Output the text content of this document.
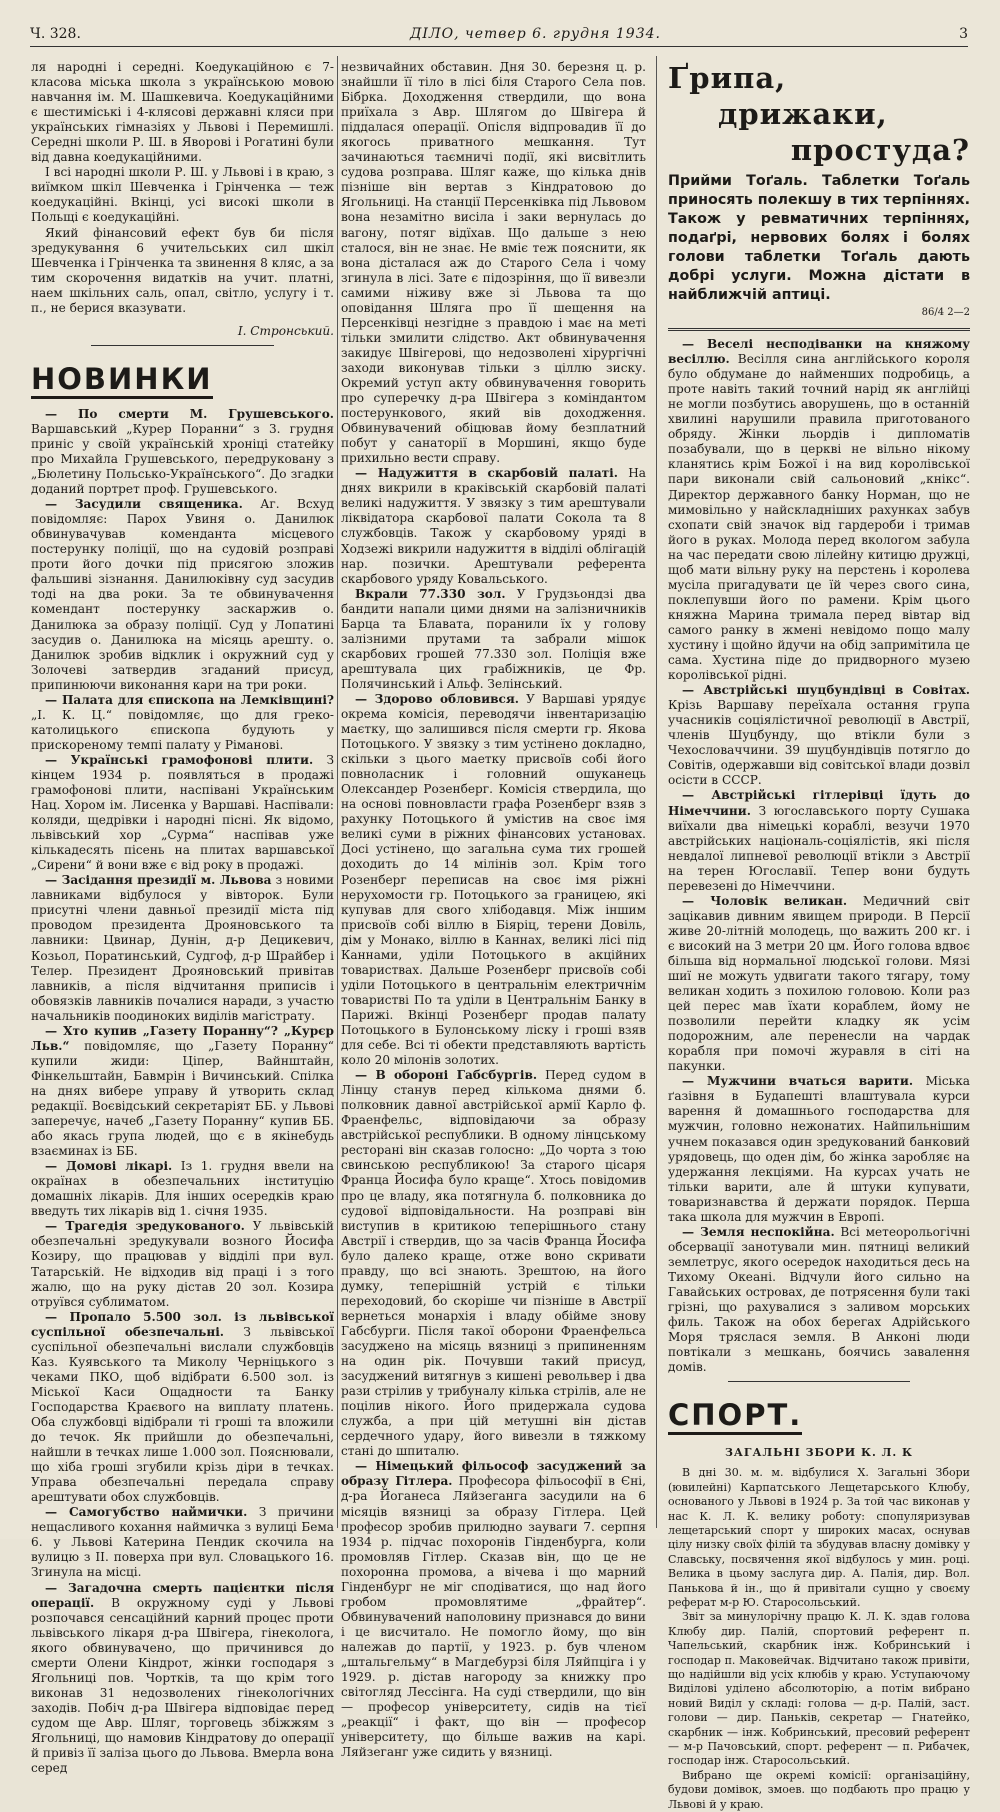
Ч. 328.	ДІЛО, четвер 6. грудня 1934.	3

ля народні і середні. Коедукаційною є 7-класова міська школа з українською мовою навчання ім. М. Шашкевича. Коедукаційними є шестиміські і 4-клясові державні кляси при українських гімназіях у Львові і Перемишлі. Середні школи Р. Ш. в Яворові і Рогатині були від давна коедукаційними.

І всі народні школи Р. Ш. у Львові і в краю, з виїмком шкіл Шевченка і Грінченка — теж коедукаційні. Вкінці, усі високі школи в Польщі є коедукаційні.

Який фінансовий ефект був би після зредукування 6 учительських сил шкіл Шевченка і Грінченка та звинення 8 кляс, а за тим скорочення видатків на учит. платні, наем шкільних саль, опал, світло, услугу і т. п., не берися вказувати.

І. Стронський.
НОВИНКИ

— По смерти М. Грушевського. Варшавський „Курер Поранни“ з 3. грудня приніс у своїй українській хроніці статейку про Михайла Грушевського, передруковану з „Бюлетину Польсько-Українського“. До згадки доданий портрет проф. Грушевського.

— Засудили священика. Аг. Всхуд повідомляє: Парох Увиня о. Данилюк обвинувачував коменданта місцевого постерунку поліції, що на судовій розправі проти його дочки під присягою зложив фальшиві зізнання. Данилюківну суд засудив тоді на два роки. За те обвинувачення комендант постерунку заскаржив о. Данилюка за образу поліції. Суд у Лопатині засудив о. Данилюка на місяць арешту. о. Данилюк зробив відклик і окружний суд у Золочеві затвердив згаданий присуд, припинюючи виконання кари на три роки.

— Палата для єпископа на Лемківщині? „І. К. Ц.“ повідомляє, що для греко-католицького єпископа будують у прискореному темпі палату у Ріманові.

— Українські грамофонові плити. З кінцем 1934 р. появляться в продажі грамофонові плити, наспівані Українським Нац. Хором ім. Лисенка у Варшаві. Наспівали: коляди, щедрівки і народні пісні. Як відомо, львівський хор „Сурма“ наспівав уже кількадесять пісень на плитах варшавської „Сирени“ й вони вже є від року в продажі.

— Засідання президії м. Львова з новими лавниками відбулося у вівторок. Були присутні члени давньої президії міста під проводом президента Дрояновського та лавники: Цвинар, Дунін, д-р Децикевич, Козьол, Поратинський, Судгоф, д-р Шрайбер і Телер. Президент Дрояновський привітав лавників, а після відчитання приписів і обовязків лавників почалися наради, з участю начальників поодиноких виділів магістрату.

— Хто купив „Газету Поранну“? „Курєр Льв.“ повідомляє, що „Газету Поранну“ купили жиди: Ціпер, Вайнштайн, Фінкельштайн, Бавмрін і Вичинський. Спілка на днях вибере управу й утворить склад редакції. Воєвідський секретаріят ББ. у Львові заперечує, начеб „Газету Поранну“ купив ББ. або якась група людей, що є в якінебудь взаєминах із ББ.

— Домові лікарі. Із 1. грудня ввели на окраїнах в обезпечальних інституцію домашніх лікарів. Для інших осередків краю введуть тих лікарів від 1. січня 1935.

— Трагедія зредукованого. У львівській обезпечальні зредукували возного Йосифа Козиру, що працював у відділі при вул. Татарській. Не відходив від праці і з того жалю, що на руку дістав 20 зол. Козира отруївся сублиматом.

— Пропало 5.500 зол. із львівської суспільної обезпечальні. З львівської суспільної обезпечальні вислали службовців Каз. Куявського та Миколу Черніцького з чеками ПКО, щоб відібрати 6.500 зол. із Міської Каси Ощадности та Банку Господарства Краєвого на виплату платень. Оба службовці відібрали ті гроші та вложили до течок. Як прийшли до обезпечальні, найшли в течках лише 1.000 зол. Пояснювали, що хіба гроші згубили крізь діри в течках. Управа обезпечальні передала справу арештувати обох службовців.

— Самогубство наймички. З причини нещасливого кохання наймичка з вулиці Бема 6. у Львові Катерина Пендик скочила на вулицю з ІІ. поверха при вул. Словацького 16. Згинула на місці.

— Загадочна смерть пацієнтки після операції. В окружному суді у Львові розпочався сенсаційний карний процес проти львівського лікаря д-ра Швігера, гінеколога, якого обвинувачено, що причинився до смерти Олени Кіндрот, жінки господаря з Ягольниці пов. Чортків, та що крім того виконав 31 недозволених гінекологічних заходів. Побіч д-ра Швігера відповідає перед судом ще Авр. Шляг, торговець збіжжям з Ягольниці, що намовив Кіндратову до операції й привіз її заліза цього до Львова. Вмерла вона серед

незвичайних обставин. Дня 30. березня ц. р. знайшли її тіло в лісі біля Старого Села пов. Бібрка. Доходження ствердили, що вона приїхала з Авр. Шлягом до Швігера й піддалася операції. Опісля відпровадив її до якогось приватного мешкання. Тут зачинаються таємничі події, які висвітлить судова розправа. Шляг каже, що кілька днів пізніше він вертав з Кіндратовою до Ягольниці. На станції Персенківка під Львовом вона незамітно висіла і заки вернулась до вагону, потяг відїхав. Що дальше з нею сталося, він не знає. Не вміє теж пояснити, як вона дісталася аж до Старого Села і чому згинула в лісі. Зате є підозріння, що її вивезли самими ніживу вже зі Львова та що оповідання Шляга про її шещення на Персенківці незгідне з правдою і має на меті тільки змилити слідство. Акт обвинувачення закидує Швігерові, що недозволені хірургічні заходи виконував тільки з ціллю зиску. Окремий уступ акту обвинувачення говорить про суперечку д-ра Швігера з коміндантом постерункового, який вів доходження. Обвинувачений обіцював йому безплатний побут у санаторії в Моршині, якщо буде прихильно вести справу.

— Надужиття в скарбовій палаті. На днях викрили в краківській скарбовій палаті великі надужиття. У звязку з тим арештували ліквідатора скарбової палати Сокола та 8 службовців. Також у скарбовому уряді в Ходзежі викрили надужиття в відділі облігацій нар. позички. Арештували референта скарбового уряду Ковальського.

Вкрали 77.330 зол. У Грудзьондзі два бандити напали цими днями на залізничників Барца та Блавата, поранили їх у голову залізними прутами та забрали мішок скарбових грошей 77.330 зол. Поліція вже арештувала цих грабіжників, це Фр. Полячинський і Альф. Зелінський.

— Здорово обловився. У Варшаві урядує окрема комісія, переводячи інвентаризацію маєтку, що залишився після смерти гр. Якова Потоцького. У звязку з тим устінено докладно, скільки з цього маетку присвоїв собі його повноласник і головний ошуканець Олександер Розенберг. Комісія ствердила, що на основі повновласти графа Розенберг взяв з рахунку Потоцького й умістив на своє імя великі суми в ріжних фінансових установах. Досі устінено, що загальна сума тих грошей доходить до 14 мілінів зол. Крім того Розенберг переписав на своє імя ріжні нерухомости гр. Потоцького за границею, які купував для свого хлібодавця. Між іншим присвоїв собі віллю в Біяріц, терени Довіль, дім у Монако, віллю в Каннах, великі лісі під Каннами, уділи Потоцького в акційних товариствах. Дальше Розенберг присвоїв собі уділи Потоцького в центральнім електричнім товаристві По та уділи в Центральнім Банку в Парижі. Вкінці Розенберг продав палату Потоцького в Булонському ліску і гроші взяв для себе. Всі ті обекти представляють вартість коло 20 мілонів золотих.

— В обороні Габсбургів. Перед судом в Лінцу станув перед кількома днями б. полковник давної австрійської армії Карло ф. Фраенфельс, відповідаючи за образу австрійської республики. В одному лінцському ресторані він сказав голосно: „До чорта з тою свинською республикою! За старого цісаря Франца Йосифа було краще“. Хтось повідомив про це владу, яка потягнула б. полковника до судової відповідальности. На розправі він виступив в критикою теперішнього стану Австрії і ствердив, що за часів Франца Йосифа було далеко краще, отже воно скривати правду, що всі знають. Зрештою, на його думку, теперішній устрій є тільки переходовий, бо скоріше чи пізніше в Австрії вернеться монархія і владу обійме знову Габсбурги. Після такої оборони Фраенфельса засуджено на місяць вязниці з припиненням на один рік. Почувши такий присуд, засуджений витягнув з кишені револьвер і двa рази стрілив у трибуналу кілька стрілів, але не поцілив нікого. Його придержала судова служба, а при цій метушні він дістав сердечного удару, його вивезли в тяжкому стані до шпиталю.

— Німецький фільософ засуджений за образу Гітлера. Професора фільософії в Єні, д-ра Йоганеса Ляйзеганга засудили на 6 місяців вязниці за образу Гітлера. Цей професор зробив прилюдно зауваги 7. серпня 1934 р. підчас похоронів Гінденбурга, коли промовляв Гітлер. Сказав він, що це не похоронна промова, а вічева і що марний Гінденбург не міг сподіватися, що над його гробом промовлятиме „фрайтер“. Обвинувачений наполовину признався до вини і це висчитало. Не помогло йому, що він належав до партії, у 1923. р. був членом „штальгельму“ в Магдебурзі біля Ляйпціга і у 1929. р. дістав нагороду за книжку про світогляд Лессінга. На суді ствердили, що він — професор університету, сидів на тієї „реакції“ і факт, що він — професор університету, що більше важив на карі. Ляйзеганг уже сидить у вязниці.

Ґрипа,
дрижаки,
простуда?
Прийми Тоґаль. Таблетки Тоґаль приносять полекшу в тих терпіннях. Також у ревматичних терпіннях, подаґрі, нервових болях і болях голови таблетки Тоґаль дають добрі услуги. Можна дістати в найближчій аптиці.
86/4 2—2

— Веселі несподіванки на княжому весіллю. Весілля сина англійського короля було обдумане до найменших подробиць, а проте навіть такий точний нарід як англійці не могли позбутись аворушень, що в останній хвилині нарушили правила приготованого обряду. Жінки льордів і дипломатів позабували, що в церкві не вільно нікому кланятись крім Божої і на вид королівської пари виконали свій сальоновий „кнікс“. Директор державного банку Норман, що не мимовільно у найскладніших рахунках забув схопати свій значок від гардероби і тримав його в руках. Молода перед вкологом забула на час передати свою лілейну китицю дружці, щоб мати вільну руку на перстень і королева мусіла пригадувати це їй через свого сина, поклепувши його по рамени. Крім цього княжна Марина тримала перед вівтар від самого ранку в жмені невідомо пощо малу хустину і щойно йдучи на обід запримітила це сама. Хустина піде до придворного музею королівської рідні.

— Австрійські шуцбундівці в Совітах. Крізь Варшаву переїхала остання група учасників соціялістичної революції в Австрії, членів Шуцбунду, що втікли були з Чехословаччини. 39 шуцбундівців потягло до Совітів, одержавши від совітської влади дозвіл осісти в СССР.

— Австрійські гітлерівці їдуть до Німеччини. З югославського порту Сушака виїхали два німецькі кораблі, везучи 1970 австрійських національ-соціялістів, які після невдалої липневої революції втікли з Австрії на терен Югославії. Тепер вони будуть перевезені до Німеччини.

— Чоловік великан. Медичний світ зацікавив дивним явищем природи. В Персії живе 20-літній молодець, що важить 200 кг. і є високий на 3 метри 20 цм. Його голова вдвоє більша від нормальної людської голови. Мязі шиї не можуть удвигати такого тягару, тому великан ходить з похилою головою. Коли раз цей перес мав їхати кораблем, йому не позволили перейти кладку як усім подорожним, але перенесли на чардак корабля при помочі журавля в сіті на пакунки.

— Мужчини вчаться варити. Міська ґазівня в Будапешті влаштувала курси варення й домашнього господарства для мужчин, головно нежонатих. Найпильнішим учнем показався один зредукований банковий урядовець, що оден дім, бо жінка заробляє на удержання лекціями. На курсах учать не тільки варити, але й штуки купувати, товаризнавства й держати порядок. Перша така школа для мужчин в Европі.

— Земля неспокійна. Всі метеорольогічні обсервації занотували мин. пятниці великий землетрус, якого осередок находиться десь на Тихому Океані. Відчули його сильно на Гавайських островах, де потрясення були такі грізні, що рахувалися з заливом морських филь. Також на обох берегах Адрійського Моря тряслася земля. В Анконі люди повтікали з мешкань, боячись завалення домів.

СПОРТ.
ЗАГАЛЬНІ ЗБОРИ К. Л. К

В дні 30. м. м. відбулися Х. Загальні Збори (ювилейні) Карпатського Лещетарського Клюбу, основаного у Львові в 1924 р. За той час виконав у нас К. Л. К. велику роботу: спопуляризував лещетарський спорт у широких масах, оснував цілу низку своїх філій та збудував власну домівку у Славську, посвячення якої відбулось у мин. році. Велика в цьому заслуга дир. А. Палія, дир. Вол. Панькова й ін., що й привітали сущно у своєму реферат м-р Ю. Старосольський.

Звіт за минулорічну працю К. Л. К. здав голова Клюбу дир. Палій, спортовий референт п. Чапельський, скарбник інж. Кобринський і господар п. Маковейчак. Відчитано також привіти, що надійшли від усіх клюбів у краю. Уступаючому Виділові уділено абсолюторію, а потім вибрано новий Виділ у складі: голова — д-р. Палій, заст. голови — дир. Паньків, секретар — Гнатейко, скарбник — інж. Кобринський, пресовий референт — м-р Пачовський, спорт. референт — п. Рибачек, господар інж. Старосольський.

Вибрано ще окремі комісії: організаційну, будови домівок, змоев. що подбають про працю у Львові й у краю.
